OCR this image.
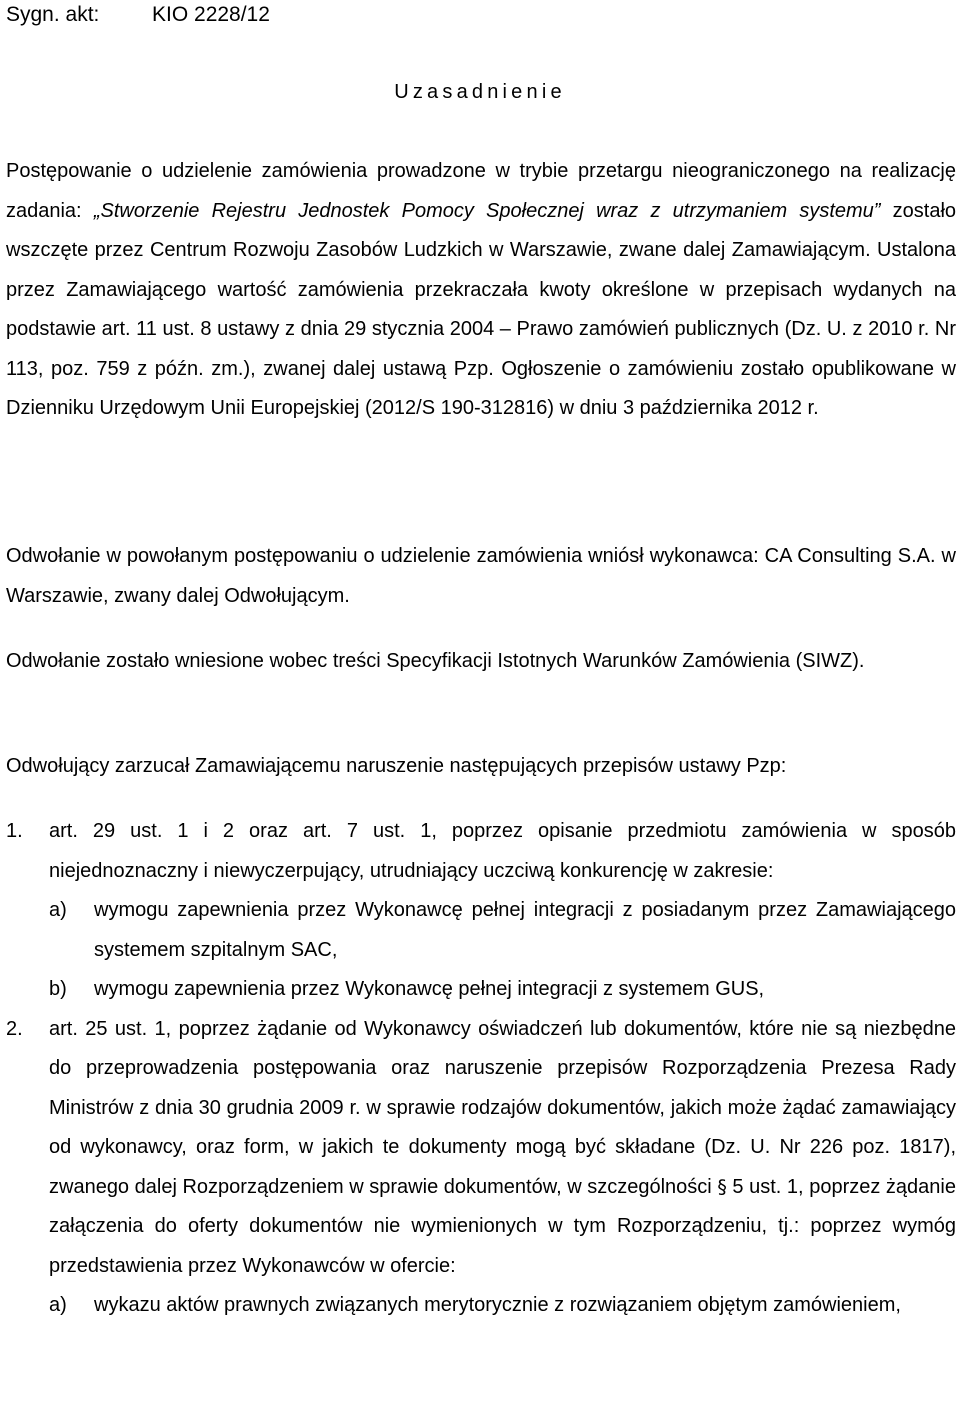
Sygn. akt:	KIO 2228/12
Uzasadnienie

Postępowanie o udzielenie zamówienia prowadzone w trybie przetargu nieograniczonego na realizację zadania: „Stworzenie Rejestru Jednostek Pomocy Społecznej wraz z utrzymaniem systemu” zostało wszczęte przez Centrum Rozwoju Zasobów Ludzkich w Warszawie, zwane dalej Zamawiającym. Ustalona przez Zamawiającego wartość zamówienia przekraczała kwoty określone w przepisach wydanych na podstawie art. 11 ust. 8 ustawy z dnia 29 stycznia 2004 – Prawo zamówień publicznych (Dz. U. z 2010 r. Nr 113, poz. 759 z późn. zm.), zwanej dalej ustawą Pzp. Ogłoszenie o zamówieniu zostało opublikowane w Dzienniku Urzędowym Unii Europejskiej (2012/S 190-312816) w dniu 3 października 2012 r.

Odwołanie w powołanym postępowaniu o udzielenie zamówienia wniósł wykonawca: CA Consulting S.A. w Warszawie, zwany dalej Odwołującym.

Odwołanie zostało wniesione wobec treści Specyfikacji Istotnych Warunków Zamówienia (SIWZ).

Odwołujący zarzucał Zamawiającemu naruszenie następujących przepisów ustawy Pzp:

1.	art. 29 ust. 1 i 2 oraz art. 7 ust. 1, poprzez opisanie przedmiotu zamówienia w sposób niejednoznaczny i niewyczerpujący, utrudniający uczciwą konkurencję w zakresie:
a)	wymogu zapewnienia przez Wykonawcę pełnej integracji z posiadanym przez Zamawiającego systemem szpitalnym SAC,
b)	wymogu zapewnienia przez Wykonawcę pełnej integracji z systemem GUS,
2.	art. 25 ust. 1, poprzez żądanie od Wykonawcy oświadczeń lub dokumentów, które nie są niezbędne do przeprowadzenia postępowania oraz naruszenie przepisów Rozporządzenia Prezesa Rady Ministrów z dnia 30 grudnia 2009 r. w sprawie rodzajów dokumentów, jakich może żądać zamawiający od wykonawcy, oraz form, w jakich te dokumenty mogą być składane (Dz. U. Nr 226 poz. 1817), zwanego dalej Rozporządzeniem w sprawie dokumentów, w szczególności § 5 ust. 1, poprzez żądanie załączenia do oferty dokumentów nie wymienionych w tym Rozporządzeniu, tj.: poprzez wymóg przedstawienia przez Wykonawców w ofercie:
a)	wykazu aktów prawnych związanych merytorycznie z rozwiązaniem objętym zamówieniem,
